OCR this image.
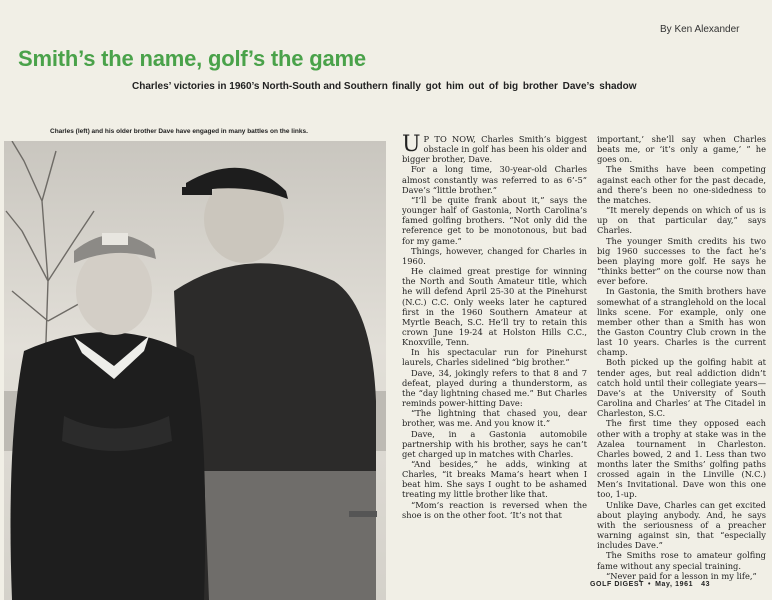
By Ken Alexander
Smith’s the name, golf’s the game
Charles’ victories in 1960’s North-South and Southern finally got him out of big brother Dave’s shadow
Charles (left) and his older brother Dave have engaged in many battles on the links.

U P TO NOW, Charles Smith’s biggest obstacle in golf has been his older and bigger brother, Dave.

For a long time, 30-year-old Charles almost constantly was referred to as 6’-5” Dave’s “little brother.”

“I’ll be quite frank about it,” says the younger half of Gastonia, North Carolina’s famed golfing brothers. “Not only did the reference get to be monotonous, but bad for my game.”

Things, however, changed for Charles in 1960.

He claimed great prestige for winning the North and South Amateur title, which he will defend April 25-30 at the Pinehurst (N.C.) C.C. Only weeks later he captured first in the 1960 Southern Amateur at Myrtle Beach, S.C. He’ll try to retain this crown June 19-24 at Holston Hills C.C., Knoxville, Tenn.

In his spectacular run for Pinehurst laurels, Charles sidelined “big brother.”

Dave, 34, jokingly refers to that 8 and 7 defeat, played during a thunderstorm, as the “day lightning chased me.” But Charles reminds power-hitting Dave:

“The lightning that chased you, dear brother, was me. And you know it.”

Dave, in a Gastonia automobile partnership with his brother, says he can’t get charged up in matches with Charles.

“And besides,” he adds, winking at Charles, “it breaks Mama’s heart when I beat him. She says I ought to be ashamed treating my little brother like that.

“Mom’s reaction is reversed when the shoe is on the other foot. ‘It’s not that

important,’ she’ll say when Charles beats me, or ‘it’s only a game,’ ” he goes on.

The Smiths have been competing against each other for the past decade, and there’s been no one-sidedness to the matches.

“It merely depends on which of us is up on that particular day,” says Charles.

The younger Smith credits his two big 1960 successes to the fact he’s been playing more golf. He says he “thinks better” on the course now than ever before.

In Gastonia, the Smith brothers have somewhat of a stranglehold on the local links scene. For example, only one member other than a Smith has won the Gaston Country Club crown in the last 10 years. Charles is the current champ.

Both picked up the golfing habit at tender ages, but real addiction didn’t catch hold until their collegiate years—Dave’s at the University of South Carolina and Charles’ at The Citadel in Charleston, S.C.

The first time they opposed each other with a trophy at stake was in the Azalea tournament in Charleston. Charles bowed, 2 and 1. Less than two months later the Smiths’ golfing paths crossed again in the Linville (N.C.) Men’s Invitational. Dave won this one too, 1-up.

Unlike Dave, Charles can get excited about playing anybody. And, he says with the seriousness of a preacher warning against sin, that “especially includes Dave.”

The Smiths rose to amateur golfing fame without any special training.

“Never paid for a lesson in my life,”

GOLF DIGEST • May, 1961 43
